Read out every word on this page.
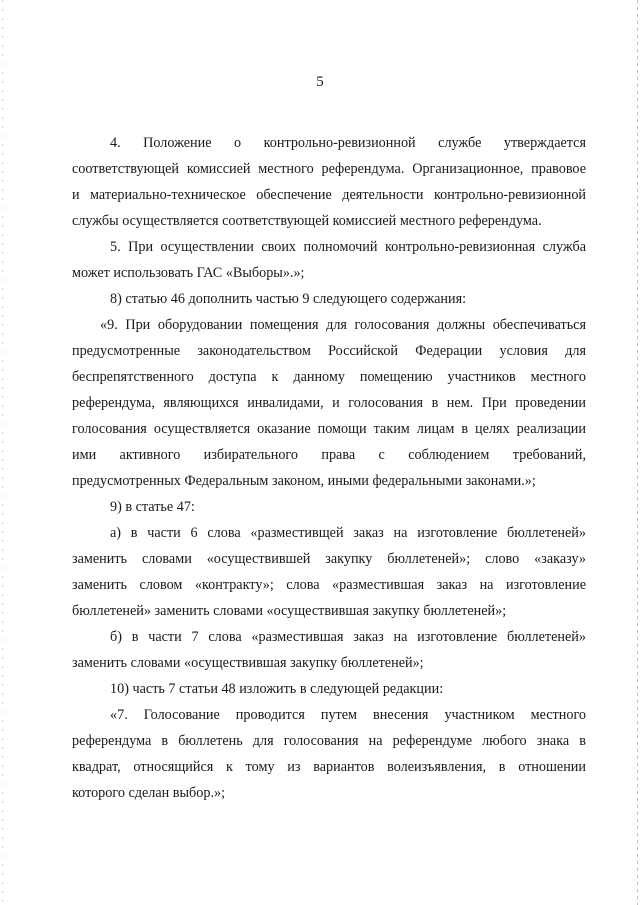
5

4. Положение о контрольно-ревизионной службе утверждается
соответствующей комиссией местного референдума. Организационное, правовое
и материально-техническое обеспечение деятельности контрольно-ревизионной
службы осуществляется соответствующей комиссией местного референдума.

5. При осуществлении своих полномочий контрольно-ревизионная служба
может использовать ГАС «Выборы».»;

8) статью 46 дополнить частью 9 следующего содержания:

«9. При оборудовании помещения для голосования должны обеспечиваться
предусмотренные законодательством Российской Федерации условия для
беспрепятственного доступа к данному помещению участников местного
референдума, являющихся инвалидами, и голосования в нем. При проведении
голосования осуществляется оказание помощи таким лицам в целях реализации
ими активного избирательного права с соблюдением требований,
предусмотренных Федеральным законом, иными федеральными законами.»;

9) в статье 47:

а) в части 6 слова «разместивщей заказ на изготовление бюллетеней»
заменить словами «осуществившей закупку бюллетеней»; слово «заказу»
заменить словом «контракту»; слова «разместившая заказ на изготовление
бюллетеней» заменить словами «осуществившая закупку бюллетеней»;

б) в части 7 слова «разместившая заказ на изготовление бюллетеней»
заменить словами «осуществившая закупку бюллетеней»;

10) часть 7 статьи 48 изложить в следующей редакции:

«7. Голосование проводится путем внесения участником местного
референдума в бюллетень для голосования на референдуме любого знака в
квадрат, относящийся к тому из вариантов волеизъявления, в отношении
которого сделан выбор.»;
